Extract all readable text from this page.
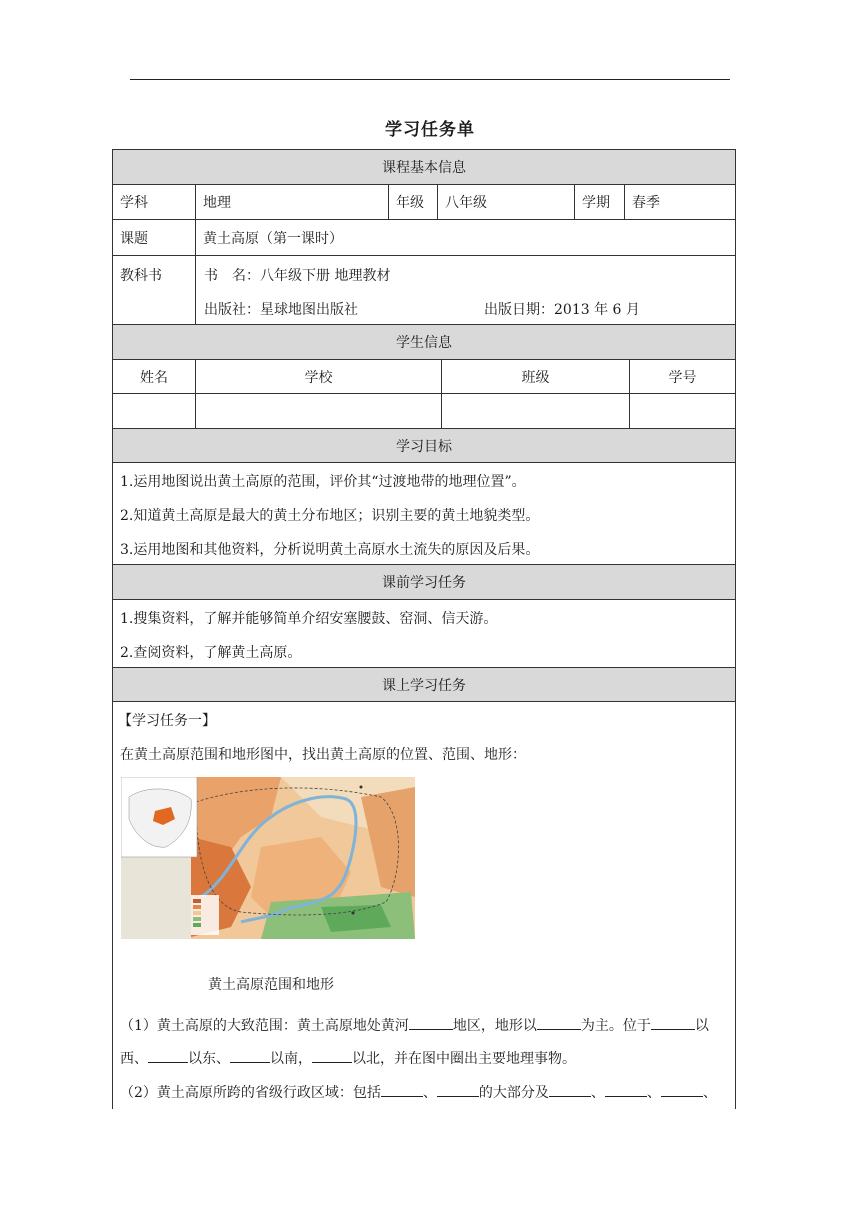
学习任务单
课程基本信息
学科	地理	年级	八年级	学期	春季
课题	黄土高原（第一课时）
教科书	书　名：八年级下册 地理教材
出版社：星球地图出版社	出版日期：2013 年 6 月
学生信息
姓名	学校	班级	学号
学习目标
1.运用地图说出黄土高原的范围，评价其“过渡地带的地理位置”。
2.知道黄土高原是最大的黄土分布地区；识别主要的黄土地貌类型。
3.运用地图和其他资料，分析说明黄土高原水土流失的原因及后果。
课前学习任务
1.搜集资料，了解并能够简单介绍安塞腰鼓、窑洞、信天游。
2.查阅资料，了解黄土高原。
课上学习任务
【学习任务一】
在黄土高原范围和地形图中，找出黄土高原的位置、范围、地形：
黄土高原范围和地形
（1）黄土高原的大致范围：黄土高原地处黄河	地区，地形以	为主。位于	以
西、	以东、	以南，	以北，并在图中圈出主要地理事物。
（2）黄土高原所跨的省级行政区域：包括	、	的大部分及	、	、	、
